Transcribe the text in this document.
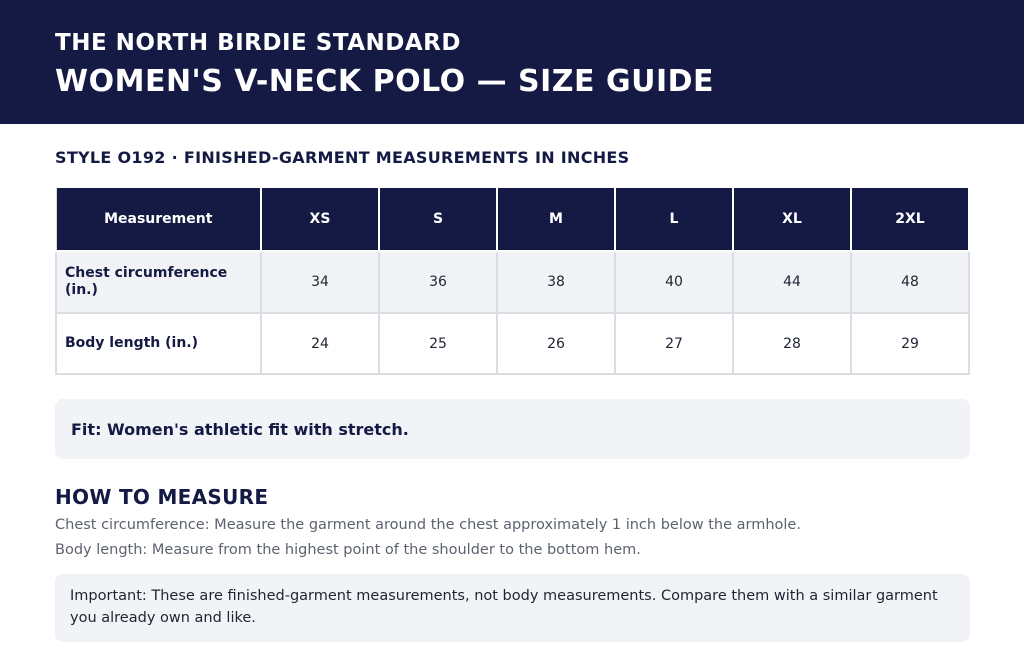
THE NORTH BIRDIE STANDARD
WOMEN'S V-NECK POLO — SIZE GUIDE
STYLE O192 · FINISHED-GARMENT MEASUREMENTS IN INCHES
Measurement	XS	S	M	L	XL	2XL
Chest circumference (in.)	34	36	38	40	44	48
Body length (in.)	24	25	26	27	28	29
Fit: Women's athletic fit with stretch.
HOW TO MEASURE
Chest circumference: Measure the garment around the chest approximately 1 inch below the armhole.
Body length: Measure from the highest point of the shoulder to the bottom hem.
Important: These are finished-garment measurements, not body measurements. Compare them with a similar garment you already own and like.
